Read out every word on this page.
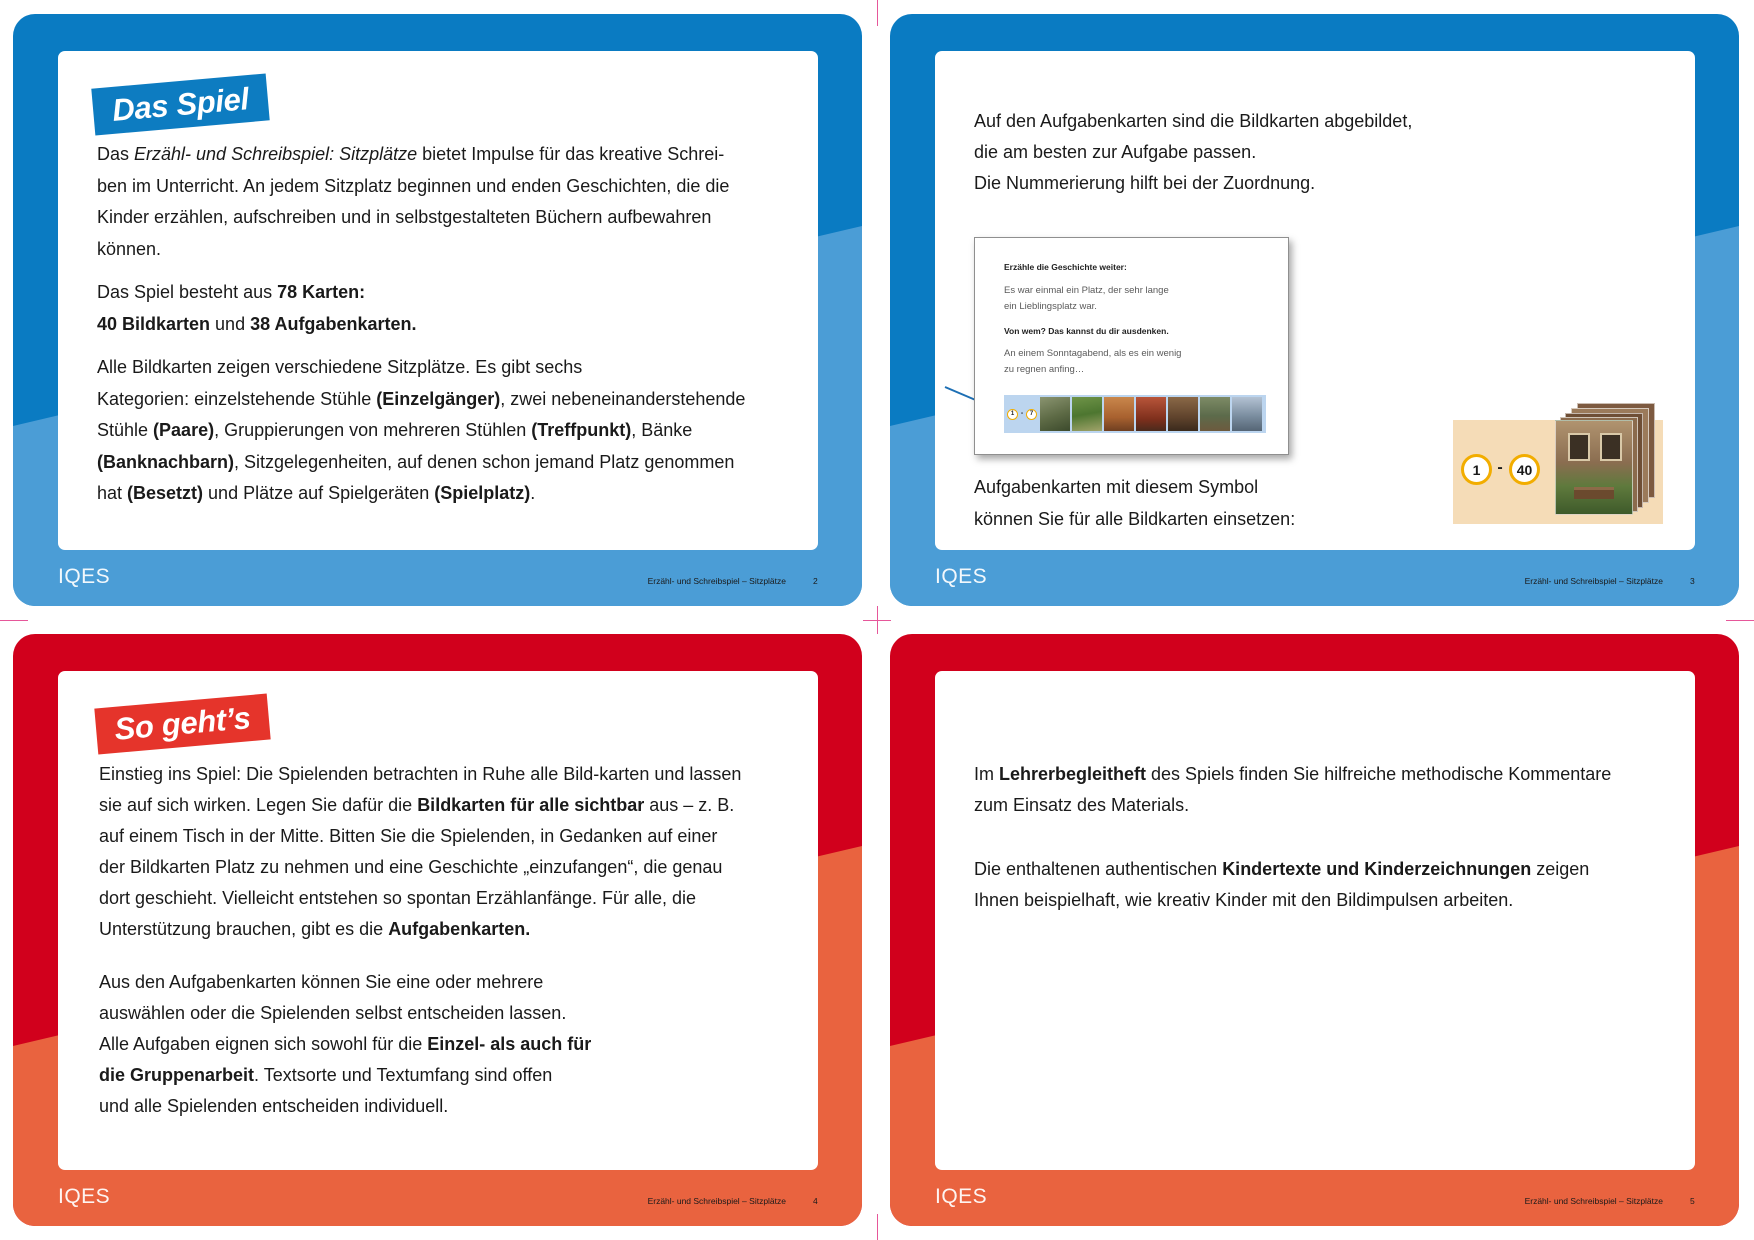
Das Spiel
Das Erzähl- und Schreibspiel: Sitzplätze bietet Impulse für das kreative Schrei-
ben im Unterricht. An jedem Sitzplatz beginnen und enden Geschichten, die die
Kinder erzählen, aufschreiben und in selbstgestalteten Büchern aufbewahren
können.
Das Spiel besteht aus 78 Karten:
40 Bildkarten und 38 Aufgabenkarten.
Alle Bildkarten zeigen verschiedene Sitzplätze. Es gibt sechs
Kategorien: einzelstehende Stühle (Einzelgänger), zwei nebeneinanderstehende
Stühle (Paare), Gruppierungen von mehreren Stühlen (Treffpunkt), Bänke
(Banknachbarn), Sitzgelegenheiten, auf denen schon jemand Platz genommen
hat (Besetzt) und Plätze auf Spielgeräten (Spielplatz).
IQES	Erzähl- und Schreibspiel – Sitzplätze	2
Auf den Aufgabenkarten sind die Bildkarten abgebildet,
die am besten zur Aufgabe passen.
Die Nummerierung hilft bei der Zuordnung.
Erzähle die Geschichte weiter:
Es war einmal ein Platz, der sehr lange
ein Lieblingsplatz war.
Von wem? Das kannst du dir ausdenken.
An einem Sonntagabend, als es ein wenig
zu regnen anfing…
1 -	7
Aufgabenkarten mit diesem Symbol
können Sie für alle Bildkarten einsetzen:
1	-	40
IQES	Erzähl- und Schreibspiel – Sitzplätze	3
So geht’s
Einstieg ins Spiel: Die Spielenden betrachten in Ruhe alle Bild-karten und lassen
sie auf sich wirken. Legen Sie dafür die Bildkarten für alle sichtbar aus – z. B.
auf einem Tisch in der Mitte. Bitten Sie die Spielenden, in Gedanken auf einer
der Bildkarten Platz zu nehmen und eine Geschichte „einzufangen“, die genau
dort geschieht. Vielleicht entstehen so spontan Erzählanfänge. Für alle, die
Unterstützung brauchen, gibt es die Aufgabenkarten.
Aus den Aufgabenkarten können Sie eine oder mehrere
auswählen oder die Spielenden selbst entscheiden lassen.
Alle Aufgaben eignen sich sowohl für die Einzel- als auch für
die Gruppenarbeit. Textsorte und Textumfang sind offen
und alle Spielenden entscheiden individuell.
IQES	Erzähl- und Schreibspiel – Sitzplätze	4
Im Lehrerbegleitheft des Spiels finden Sie hilfreiche methodische Kommentare
zum Einsatz des Materials.
Die enthaltenen authentischen Kindertexte und Kinderzeichnungen zeigen
Ihnen beispielhaft, wie kreativ Kinder mit den Bildimpulsen arbeiten.
IQES	Erzähl- und Schreibspiel – Sitzplätze	5
